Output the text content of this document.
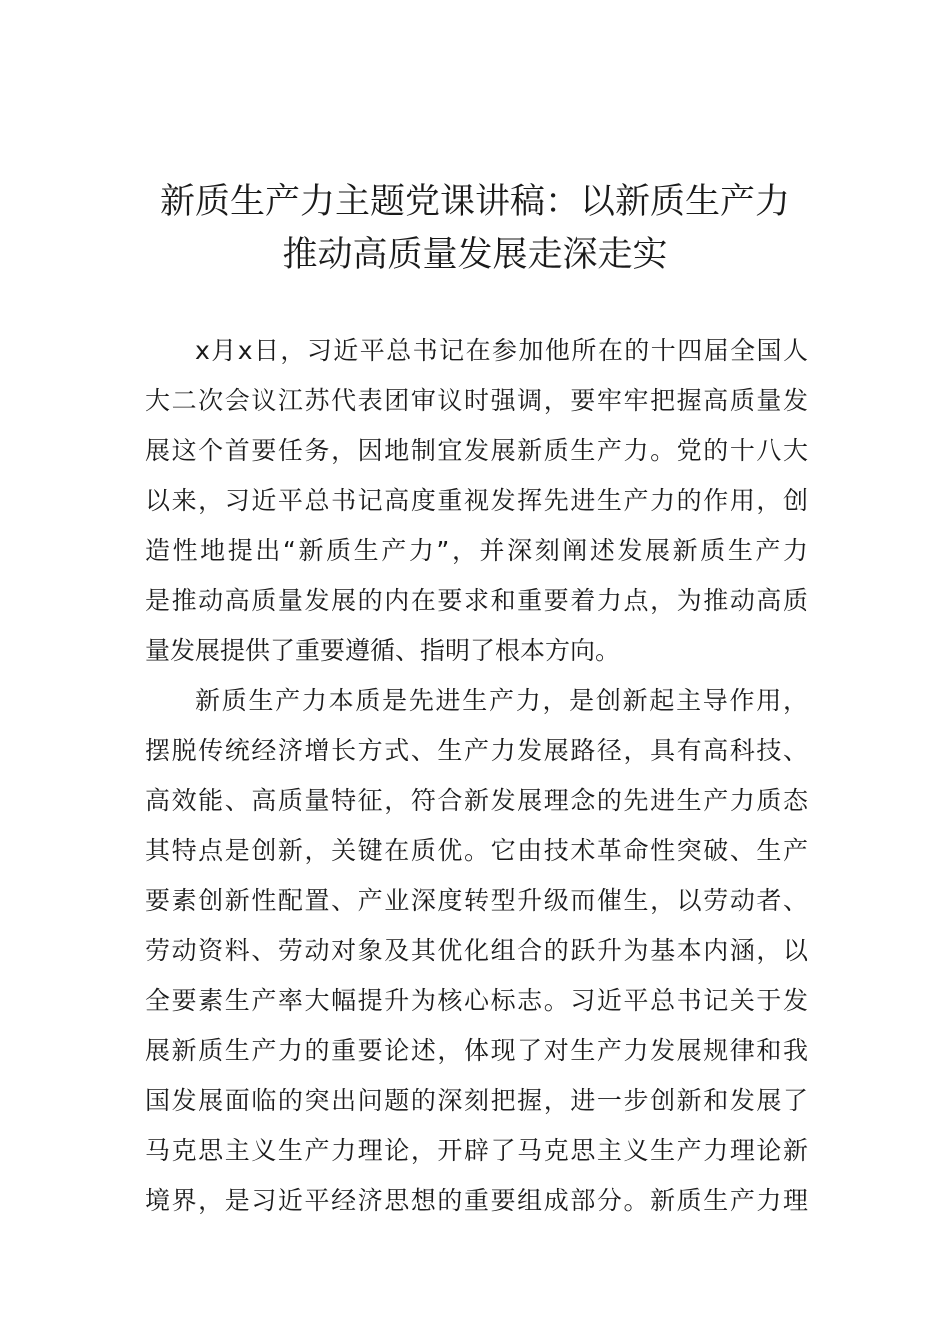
新质生产力主题党课讲稿：以新质生产力
推动高质量发展走深走实
x月x日，习近平总书记在参加他所在的十四届全国人
大二次会议江苏代表团审议时强调，要牢牢把握高质量发
展这个首要任务，因地制宜发展新质生产力。党的十八大
以来，习近平总书记高度重视发挥先进生产力的作用，创
造性地提出“新质生产力”，并深刻阐述发展新质生产力
是推动高质量发展的内在要求和重要着力点，为推动高质
量发展提供了重要遵循、指明了根本方向。
新质生产力本质是先进生产力，是创新起主导作用，
摆脱传统经济增长方式、生产力发展路径，具有高科技、
高效能、高质量特征，符合新发展理念的先进生产力质态
其特点是创新，关键在质优。它由技术革命性突破、生产
要素创新性配置、产业深度转型升级而催生，以劳动者、
劳动资料、劳动对象及其优化组合的跃升为基本内涵，以
全要素生产率大幅提升为核心标志。习近平总书记关于发
展新质生产力的重要论述，体现了对生产力发展规律和我
国发展面临的突出问题的深刻把握，进一步创新和发展了
马克思主义生产力理论，开辟了马克思主义生产力理论新
境界，是习近平经济思想的重要组成部分。新质生产力理
